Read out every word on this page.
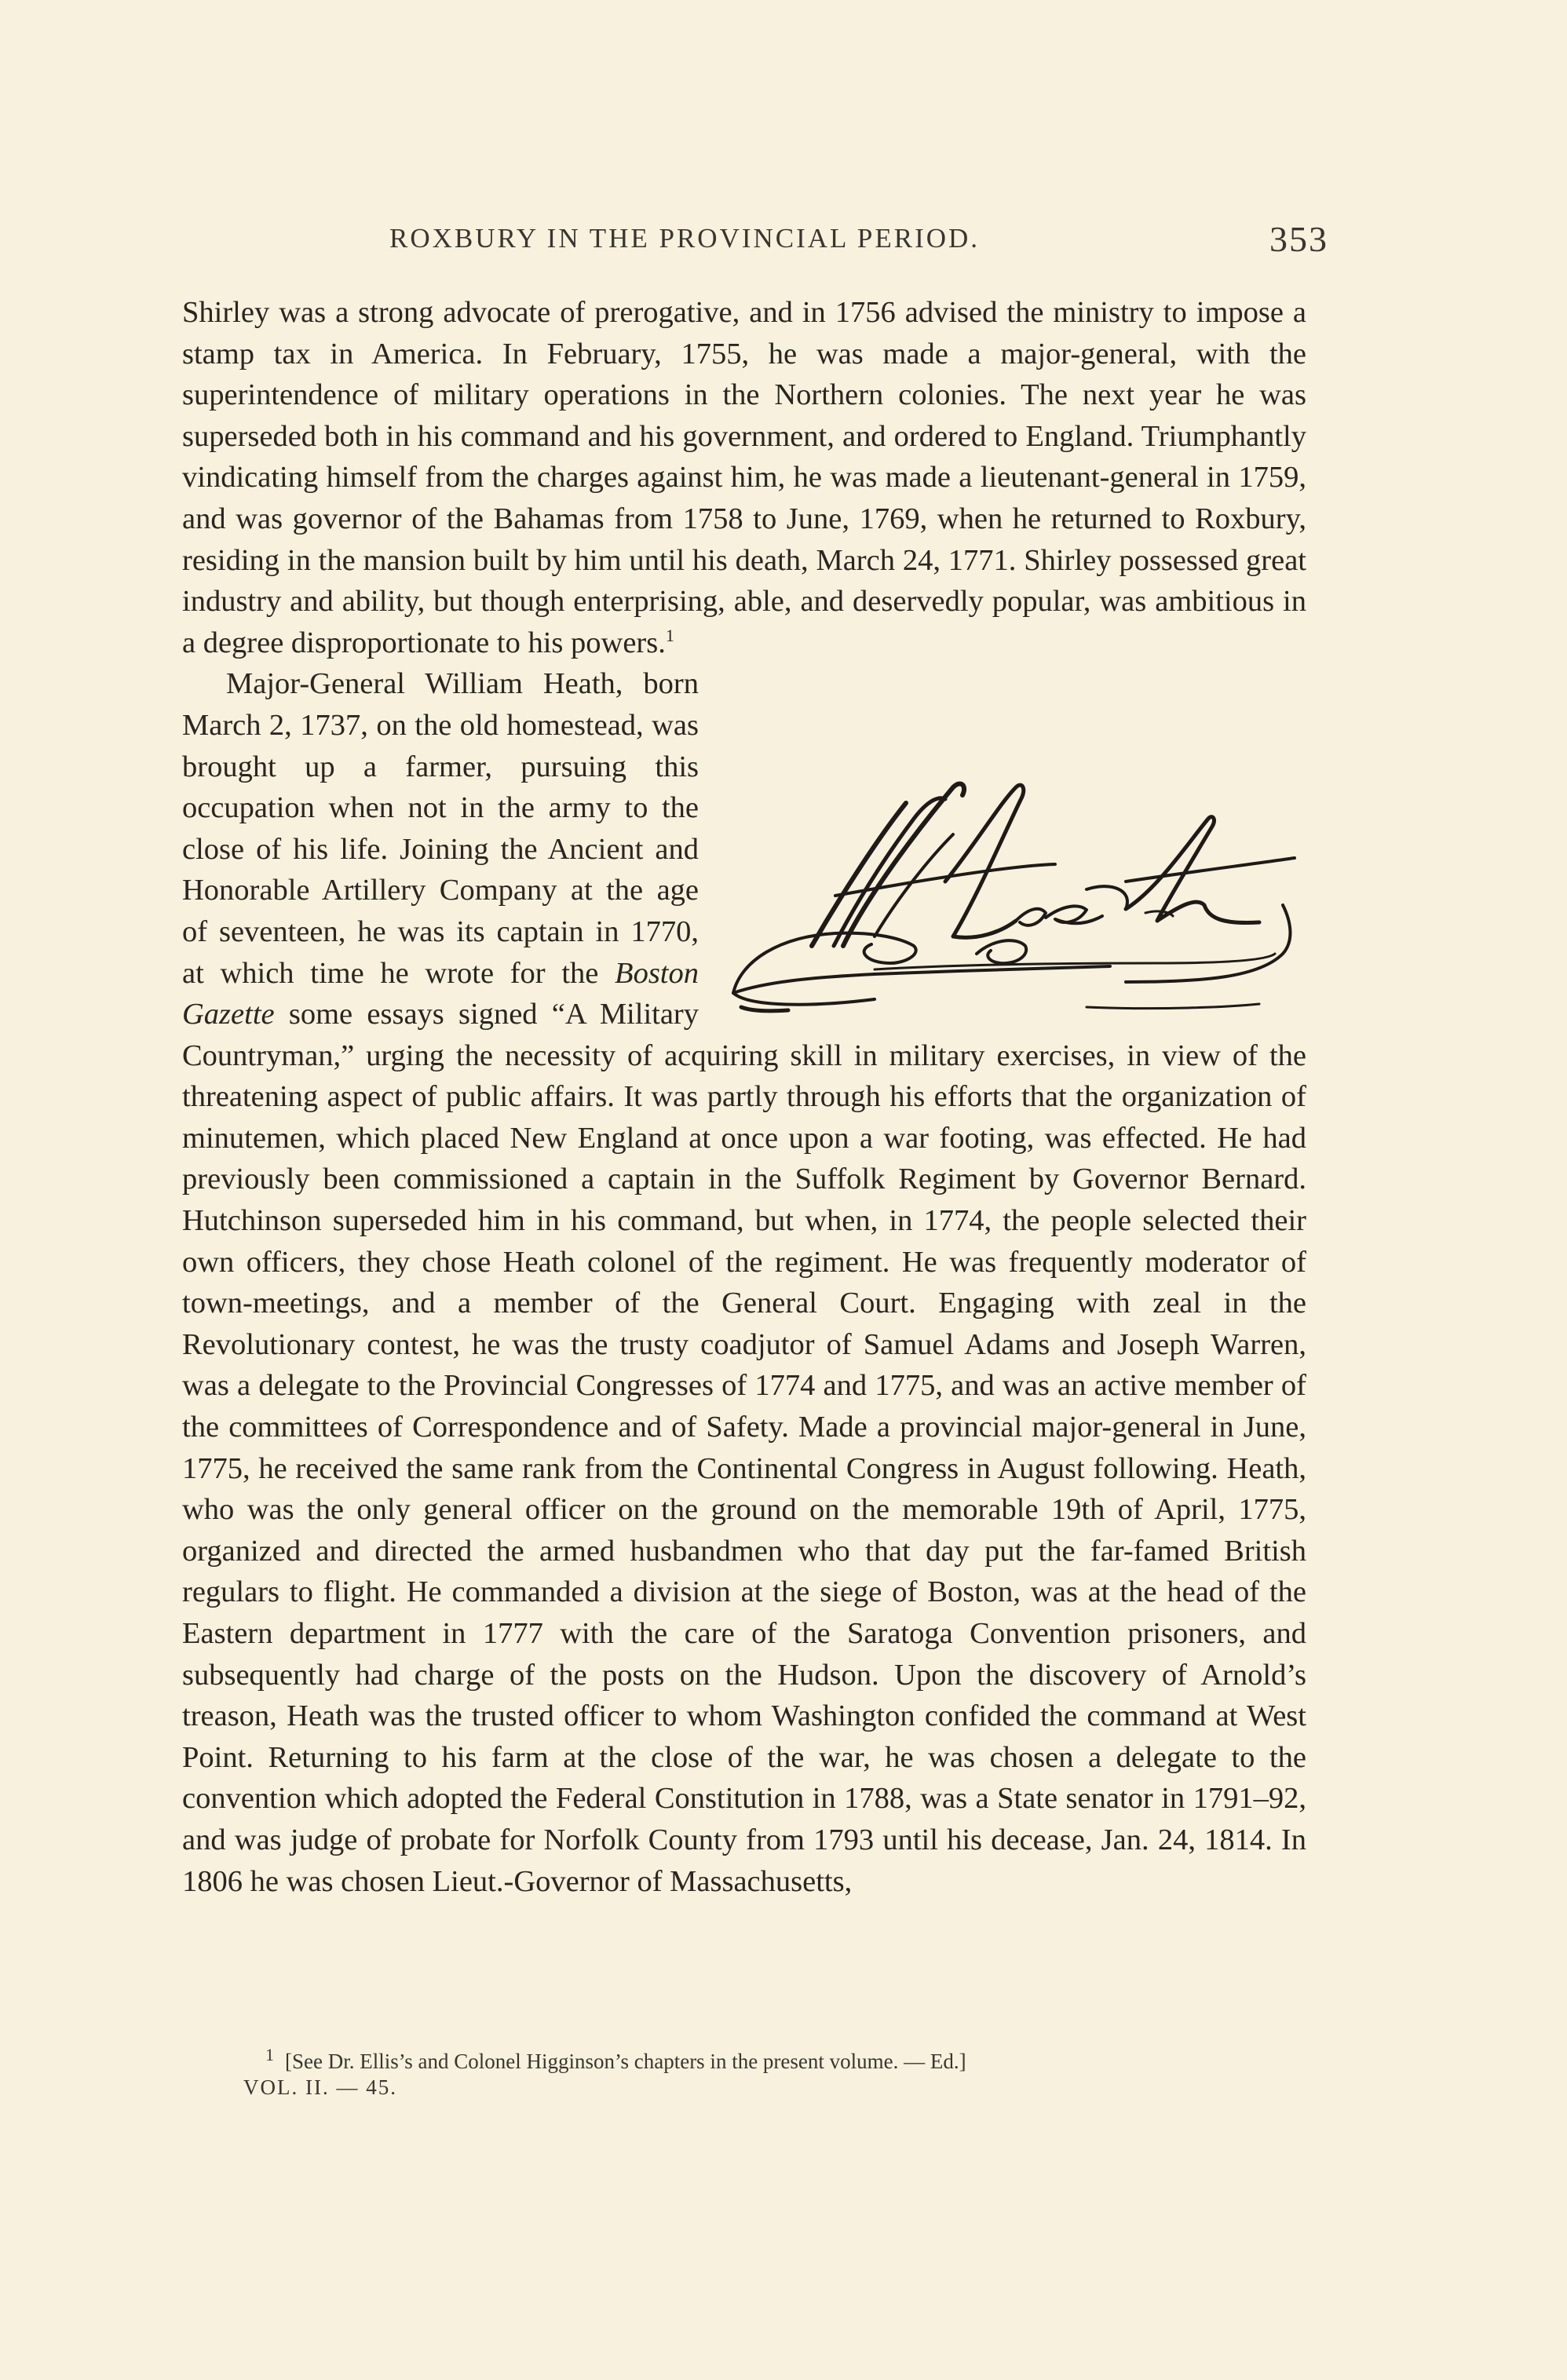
ROXBURY IN THE PROVINCIAL PERIOD.	353

Shirley was a strong advocate of prerogative, and in 1756 advised the ministry to impose a stamp tax in America. In February, 1755, he was made a major-general, with the superintendence of military operations in the Northern colonies. The next year he was superseded both in his command and his government, and ordered to England. Triumphantly vindicating himself from the charges against him, he was made a lieutenant-general in 1759, and was governor of the Bahamas from 1758 to June, 1769, when he returned to Roxbury, residing in the mansion built by him until his death, March 24, 1771. Shirley possessed great industry and ability, but though enterprising, able, and deservedly popular, was ambitious in a degree disproportionate to his powers.$^1$

Major-General William Heath, born March 2, 1737, on the old homestead, was brought up a farmer, pursuing this occupation when not in the army to the close of his life. Joining the Ancient and Honorable Artillery Company at the age of seventeen, he was its captain in 1770, at which time he wrote for the Boston Gazette some essays signed “A Military Countryman,” urging the necessity of acquiring skill in military exercises, in view of the threatening aspect of public affairs. It was partly through his efforts that the organization of minutemen, which placed New England at once upon a war footing, was effected. He had previously been commissioned a captain in the Suffolk Regiment by Governor Bernard. Hutchinson superseded him in his command, but when, in 1774, the people selected their own officers, they chose Heath colonel of the regiment. He was frequently moderator of town-meetings, and a member of the General Court. Engaging with zeal in the Revolutionary contest, he was the trusty coadjutor of Samuel Adams and Joseph Warren, was a delegate to the Provincial Congresses of 1774 and 1775, and was an active member of the committees of Correspondence and of Safety. Made a provincial major-general in June, 1775, he received the same rank from the Continental Congress in August following. Heath, who was the only general officer on the ground on the memorable 19th of April, 1775, organized and directed the armed husbandmen who that day put the far-famed British regulars to flight. He commanded a division at the siege of Boston, was at the head of the Eastern department in 1777 with the care of the Saratoga Convention prisoners, and subsequently had charge of the posts on the Hudson. Upon the discovery of Arnold’s treason, Heath was the trusted officer to whom Washington confided the command at West Point. Returning to his farm at the close of the war, he was chosen a delegate to the convention which adopted the Federal Constitution in 1788, was a State senator in 1791–92, and was judge of probate for Norfolk County from 1793 until his decease, Jan. 24, 1814. In 1806 he was chosen Lieut.-Governor of Massachusetts,

$^1$ [See Dr. Ellis’s and Colonel Higginson’s chapters in the present volume. — Ed.]
VOL. II. — 45.
